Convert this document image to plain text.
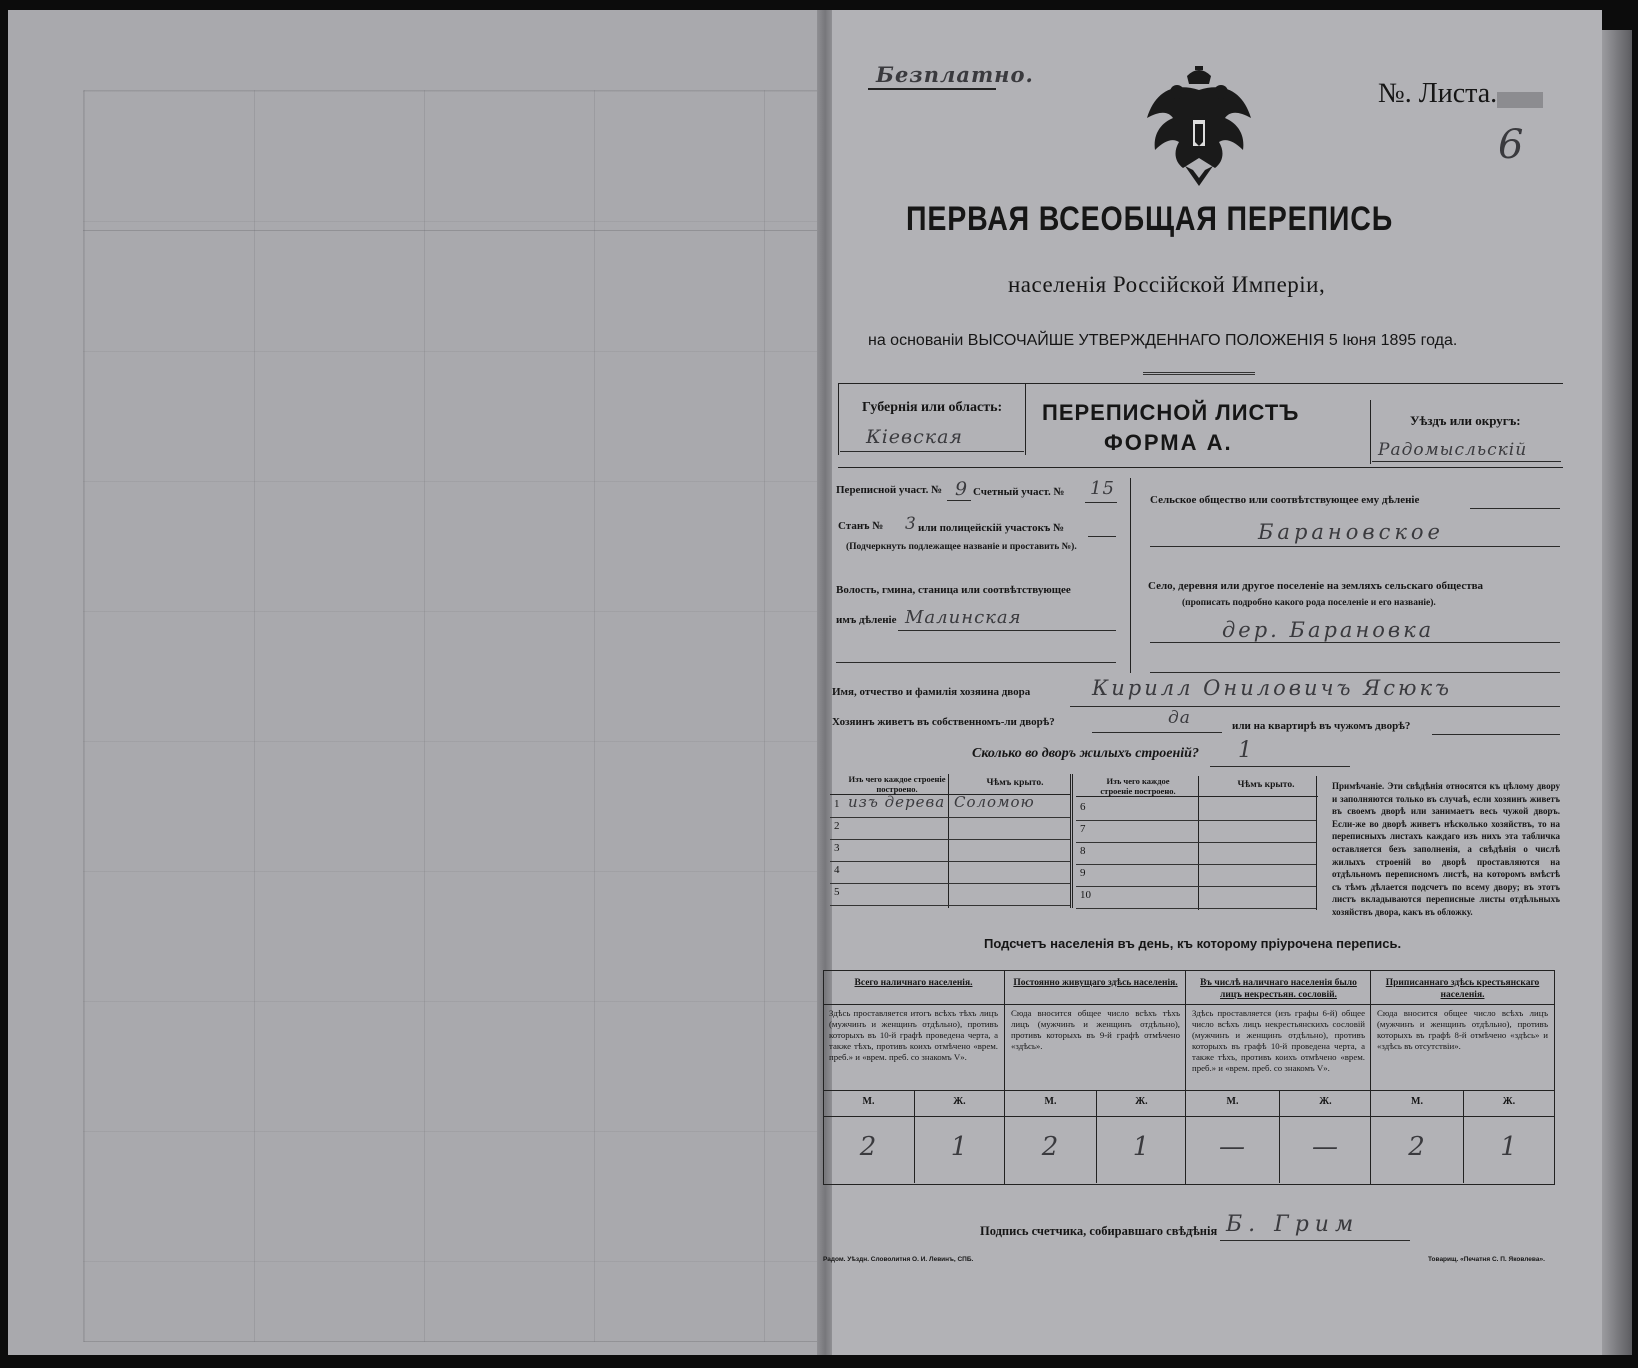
Безплатно.
№. Листа.
6
ПЕРВАЯ ВСЕОБЩАЯ ПЕРЕПИСЬ
населенія Россійской Имперіи,
на основаніи ВЫСОЧАЙШЕ УТВЕРЖДЕННАГО ПОЛОЖЕНІЯ 5 Іюня 1895 года.
Губернія или область:
Кіевская
ПЕРЕПИСНОЙ ЛИСТЪ
ФОРМА А.
Уѣздъ или округъ:
Радомысльскій
Переписной участ. № 9 Счетный участ. № 15
Станъ № 3 или полицейскій участокъ №
(Подчеркнуть подлежащее названіе и проставить №).
Волость, гмина, станица или соотвѣтствующее
имъ дѣленіе Малинская
Сельское общество или соотвѣтствующее ему дѣленіе
Барановское
Село, деревня или другое поселеніе на земляхъ сельскаго общества
(прописать подробно какого рода поселеніе и его названіе).
дер. Барановка
Имя, отчество и фамилія хозяина двора	Кирилл Ониловичъ Ясюкъ
Хозяинъ живетъ въ собственномъ-ли дворѣ?	да	или на квартирѣ въ чужомъ дворѣ?
Сколько во дворъ жилыхъ строеній? 1
Изъ чего каждое строеніе построено.
Чѣмъ крыто.
1 изъ дерева Соломою
2
3
4
5
Изъ чего каждое строеніе построено.
Чѣмъ крыто.
6
7
8
9
10
Примѣчаніе. Эти свѣдѣнія относятся къ цѣлому двору и заполняются только въ случаѣ, если хозяинъ живетъ въ своемъ дворѣ или занимаетъ весь чужой дворъ. Если-же во дворѣ живетъ нѣсколько хозяйствъ, то на переписныхъ листахъ каждаго изъ нихъ эта табличка оставляется безъ заполненія, а свѣдѣнія о числѣ жилыхъ строеній во дворѣ проставляются на отдѣльномъ переписномъ листѣ, на которомъ вмѣстѣ съ тѣмъ дѣлается подсчетъ по всему двору; въ этотъ листъ вкладываются переписные листы отдѣльныхъ хозяйствъ двора, какъ въ обложку.
Подсчетъ населенія въ день, къ которому пріурочена перепись.
Всего наличнаго населенія.
Здѣсь проставляется итогъ всѣхъ тѣхъ лицъ (мужчинъ и женщинъ отдѣльно), противъ которыхъ въ 10-й графѣ проведена черта, а также тѣхъ, противъ коихъ отмѣчено «врем. преб.» и «врем. преб. со знакомъ V».
М.	Ж.
2	1
Постоянно живущаго здѣсь населенія.
Сюда вносится общее число всѣхъ тѣхъ лицъ (мужчинъ и женщинъ отдѣльно), противъ которыхъ въ 9-й графѣ отмѣчено «здѣсь».
М.	Ж.
2	1
Въ числѣ наличнаго населенія было лицъ некрестьян. сословій.
Здѣсь проставляется (изъ графы 6-й) общее число всѣхъ лицъ некрестьянскихъ сословій (мужчинъ и женщинъ отдѣльно), противъ которыхъ въ графѣ 10-й проведена черта, а также тѣхъ, противъ коихъ отмѣчено «врем. преб.» и «врем. преб. со знакомъ V».
М.	Ж.
—	—
Приписаннаго здѣсь крестьянскаго населенія.
Сюда вносится общее число всѣхъ лицъ (мужчинъ и женщинъ отдѣльно), противъ которыхъ въ графѣ 8-й отмѣчено «здѣсь» и «здѣсь въ отсутствіи».
М.	Ж.
2	1
Подпись счетчика, собиравшаго свѣдѣнія Б. Грим
Радом. Уѣздн. Словолитня О. И. Левинъ, СПБ.	Товарищ. «Печатня С. П. Яковлева».
